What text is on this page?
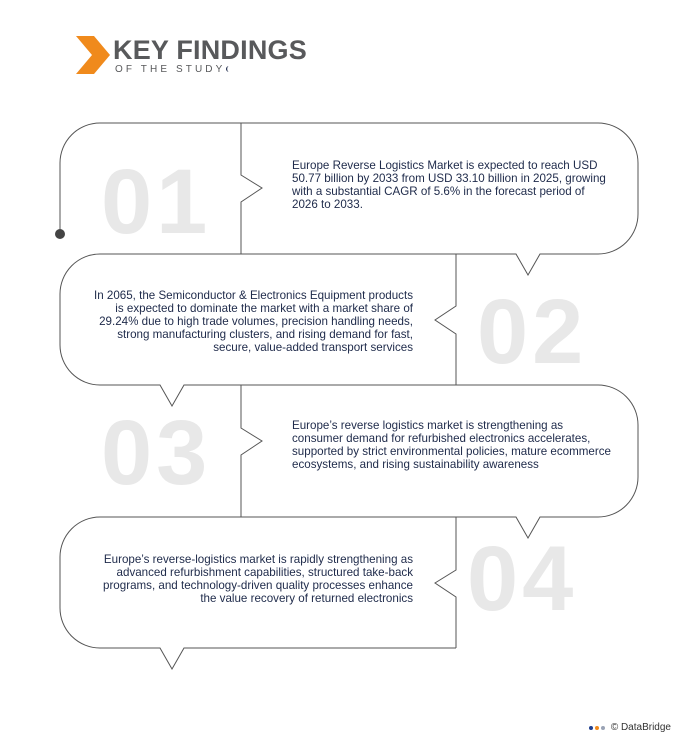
KEY FINDINGS
OF THE STUDY
01
02
03
04
Europe Reverse Logistics Market is expected to reach USD 50.77 billion by 2033 from USD 33.10 billion in 2025, growing with a substantial CAGR of 5.6% in the forecast period of 2026 to 2033.
In 2065, the Semiconductor & Electronics Equipment products is expected to dominate the market with a market share of 29.24% due to high trade volumes, precision handling needs, strong manufacturing clusters, and rising demand for fast, secure, value-added transport services
Europe’s reverse logistics market is strengthening as consumer demand for refurbished electronics accelerates, supported by strict environmental policies, mature ecommerce ecosystems, and rising sustainability awareness
Europe’s reverse-logistics market is rapidly strengthening as advanced refurbishment capabilities, structured take-back programs, and technology-driven quality processes enhance the value recovery of returned electronics
© DataBridge
